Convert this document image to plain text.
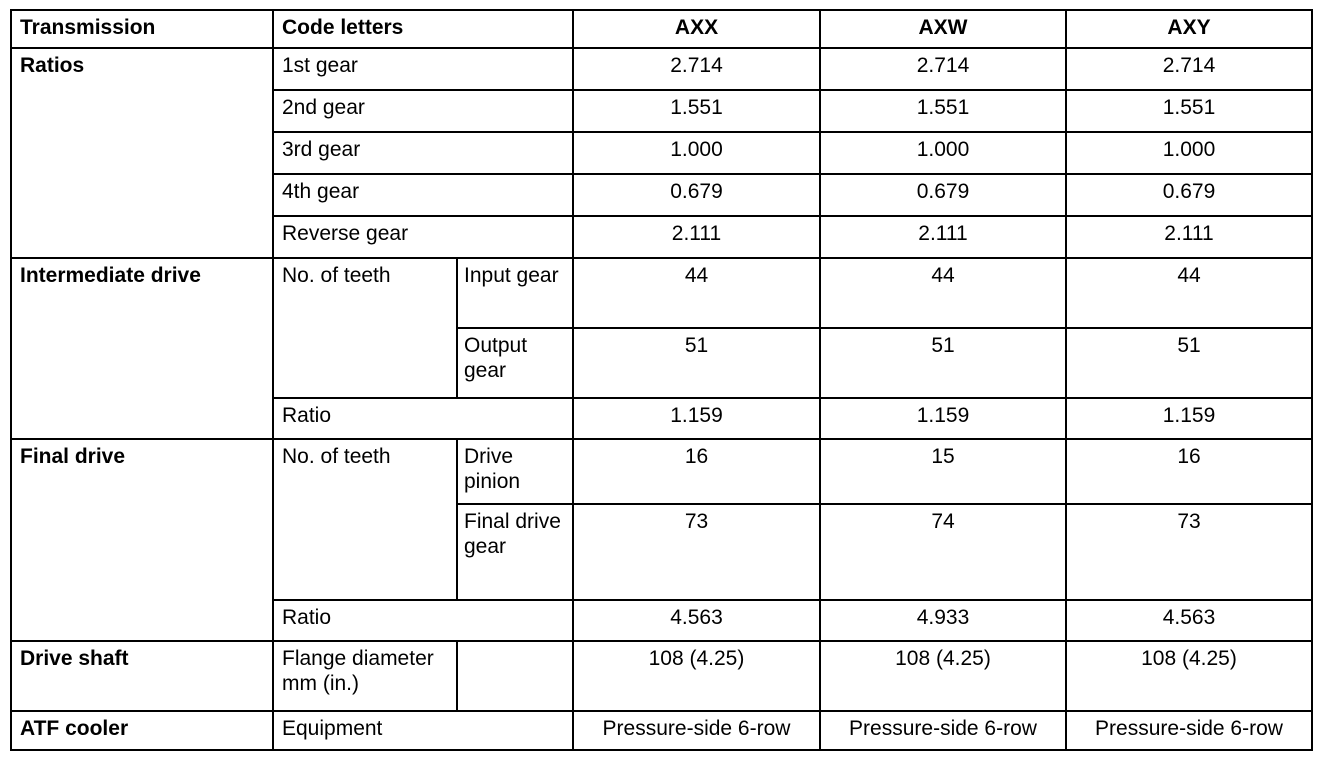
Transmission	Code letters		AXX	AXW	AXY
Ratios	1st gear		2.714	2.714	2.714
	2nd gear		1.551	1.551	1.551
	3rd gear		1.000	1.000	1.000
	4th gear		0.679	0.679	0.679
	Reverse gear		2.111	2.111	2.111
Intermediate drive	No. of teeth	Input gear	44	44	44
		Output gear	51	51	51
	Ratio		1.159	1.159	1.159
Final drive	No. of teeth	Drive pinion	16	15	16
		Final drive gear	73	74	73
	Ratio		4.563	4.933	4.563
Drive shaft	Flange diameter mm (in.)		108 (4.25)	108 (4.25)	108 (4.25)
ATF cooler	Equipment		Pressure-side 6-row	Pressure-side 6-row	Pressure-side 6-row
